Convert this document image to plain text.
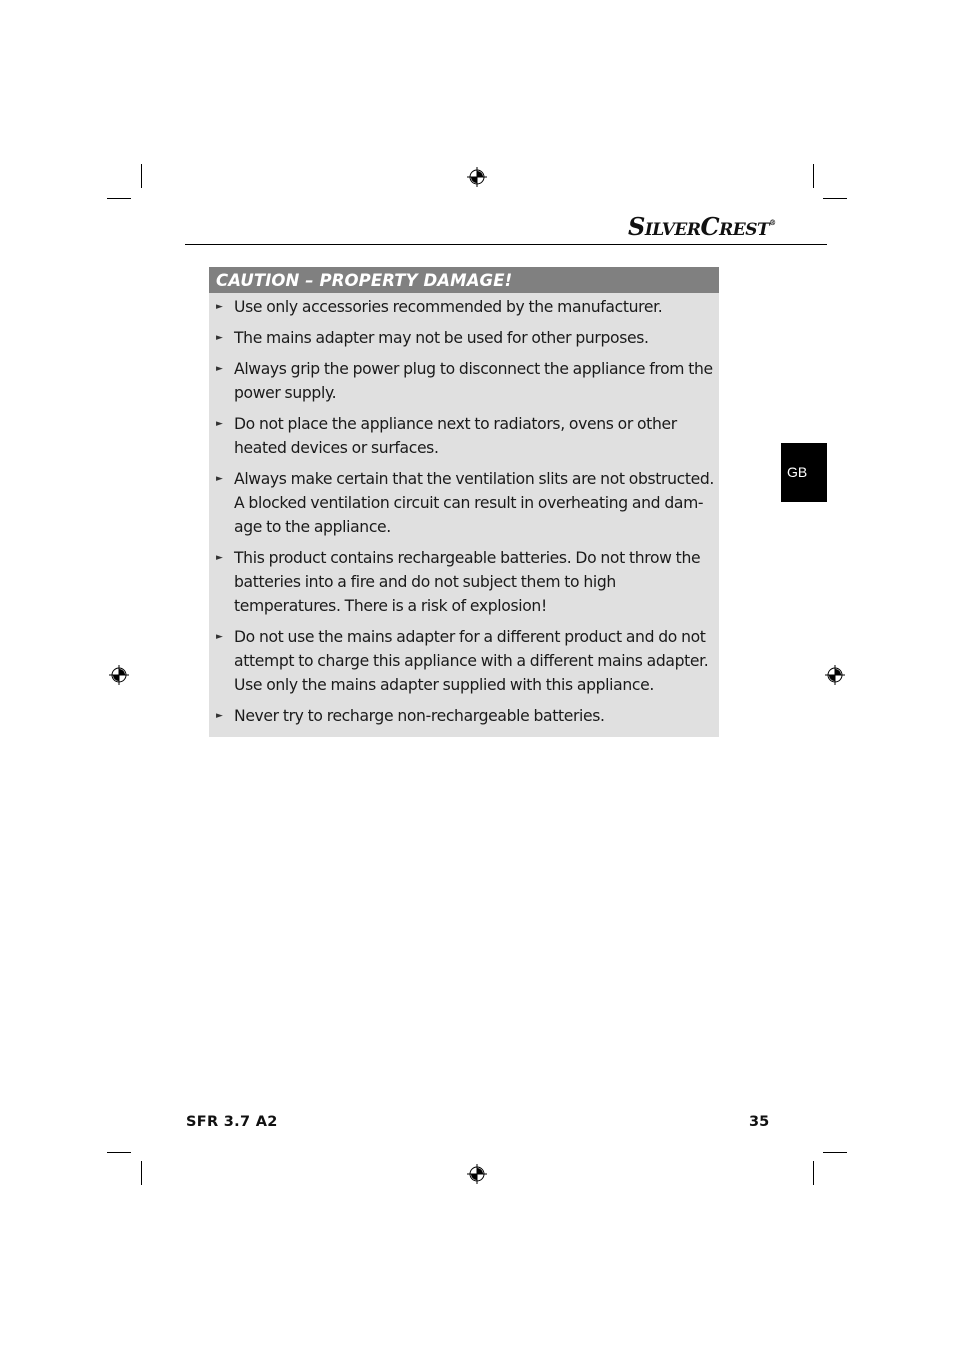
SILVERCREST®
GB
CAUTION – PROPERTY DAMAGE!
► Use only accessories recommended by the manufacturer.
► The mains adapter may not be used for other purposes.
► Always grip the power plug to disconnect the appliance from the power supply.
► Do not place the appliance next to radiators, ovens or other heated devices or surfaces.
► Always make certain that the ventilation slits are not obstructed. A blocked ventilation circuit can result in overheating and dam-age to the appliance.
► This product contains rechargeable batteries. Do not throw the batteries into a fire and do not subject them to high temperatures. There is a risk of explosion!
► Do not use the mains adapter for a different product and do not attempt to charge this appliance with a different mains adapter. Use only the mains adapter supplied with this appliance.
► Never try to recharge non-rechargeable batteries.
SFR 3.7 A2	35
